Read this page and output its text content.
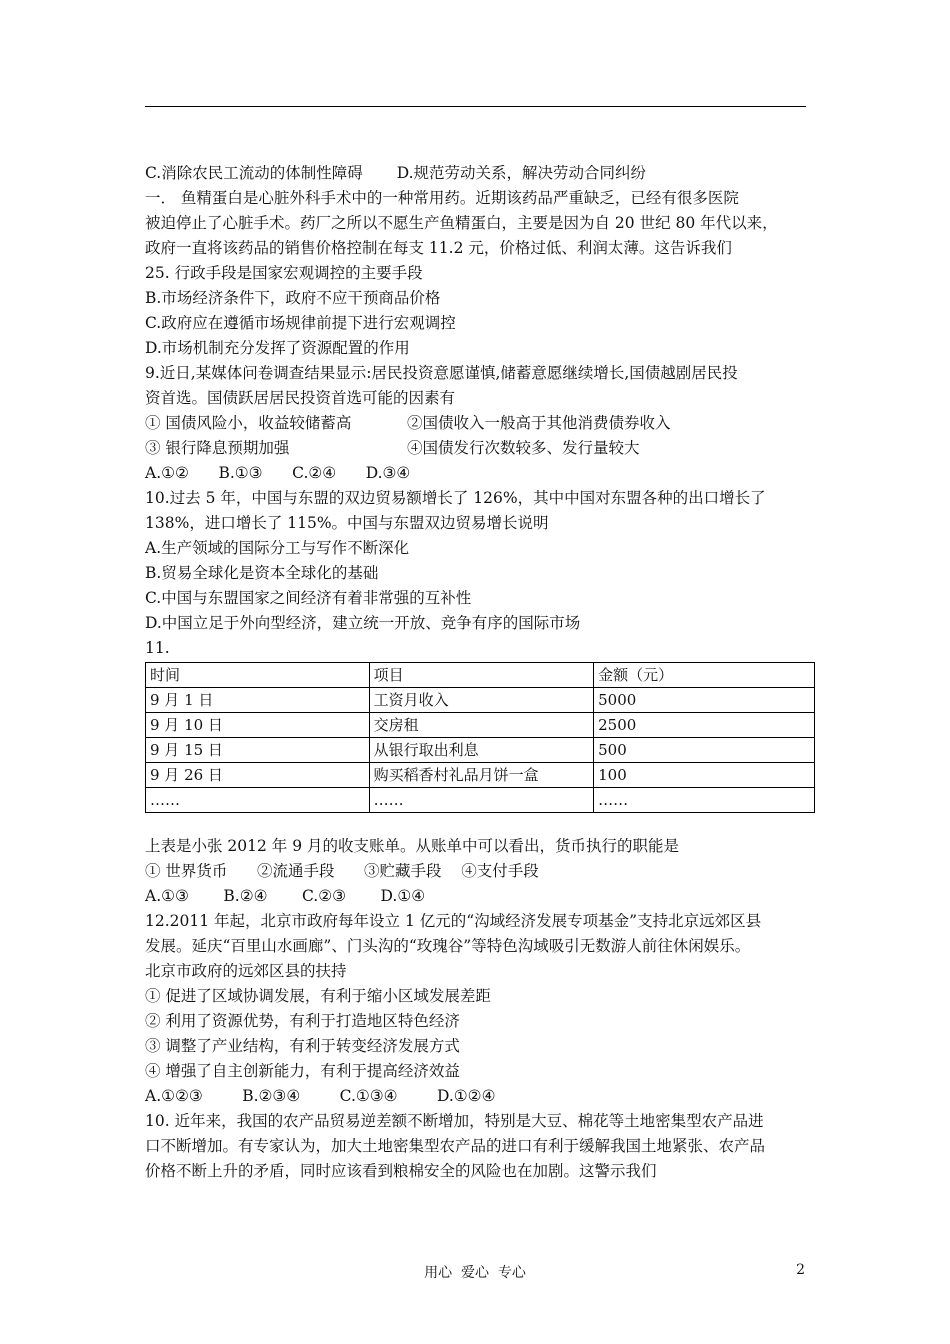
C.消除农民工流动的体制性障碍 D.规范劳动关系，解决劳动合同纠纷
一． 鱼精蛋白是心脏外科手术中的一种常用药。近期该药品严重缺乏，已经有很多医院
被迫停止了心脏手术。药厂之所以不愿生产鱼精蛋白，主要是因为自 20 世纪 80 年代以来，
政府一直将该药品的销售价格控制在每支 11.2 元，价格过低、利润太薄。这告诉我们
25. 行政手段是国家宏观调控的主要手段
B.市场经济条件下，政府不应干预商品价格
C.政府应在遵循市场规律前提下进行宏观调控
D.市场机制充分发挥了资源配置的作用
9.近日,某媒体问卷调查结果显示:居民投资意愿谨慎,储蓄意愿继续增长,国债越剧居民投
资首选。国债跃居居民投资首选可能的因素有
① 国债风险小，收益较储蓄高	②国债收入一般高于其他消费债券收入
③ 银行降息预期加强	④国债发行次数较多、发行量较大
A.①②      B.①③      C.②④      D.③④
10.过去 5 年，中国与东盟的双边贸易额增长了 126%，其中中国对东盟各种的出口增长了
138%，进口增长了 115%。中国与东盟双边贸易增长说明
A.生产领域的国际分工与写作不断深化
B.贸易全球化是资本全球化的基础
C.中国与东盟国家之间经济有着非常强的互补性
D.中国立足于外向型经济，建立统一开放、竞争有序的国际市场
11.
时间	项目	金额（元）
9 月 1 日	工资月收入	5000
9 月 10 日	交房租	2500
9 月 15 日	从银行取出利息	500
9 月 26 日	购买稻香村礼品月饼一盒	100
……	……	……
上表是小张 2012 年 9 月的收支账单。从账单中可以看出，货币执行的职能是
① 世界货币      ②流通手段      ③贮藏手段    ④支付手段
A.①③       B.②④       C.②③       D.①④
12.2011 年起，北京市政府每年设立 1 亿元的“沟域经济发展专项基金”支持北京远郊区县
发展。延庆“百里山水画廊”、门头沟的“玫瑰谷”等特色沟域吸引无数游人前往休闲娱乐。
北京市政府的远郊区县的扶持
① 促进了区域协调发展，有利于缩小区域发展差距
② 利用了资源优势，有利于打造地区特色经济
③ 调整了产业结构，有利于转变经济发展方式
④ 增强了自主创新能力，有利于提高经济效益
A.①②③        B.②③④        C.①③④        D.①②④
10. 近年来，我国的农产品贸易逆差额不断增加，特别是大豆、棉花等土地密集型农产品进
口不断增加。有专家认为，加大土地密集型农产品的进口有利于缓解我国土地紧张、农产品
价格不断上升的矛盾，同时应该看到粮棉安全的风险也在加剧。这警示我们
用心  爱心  专心	2
